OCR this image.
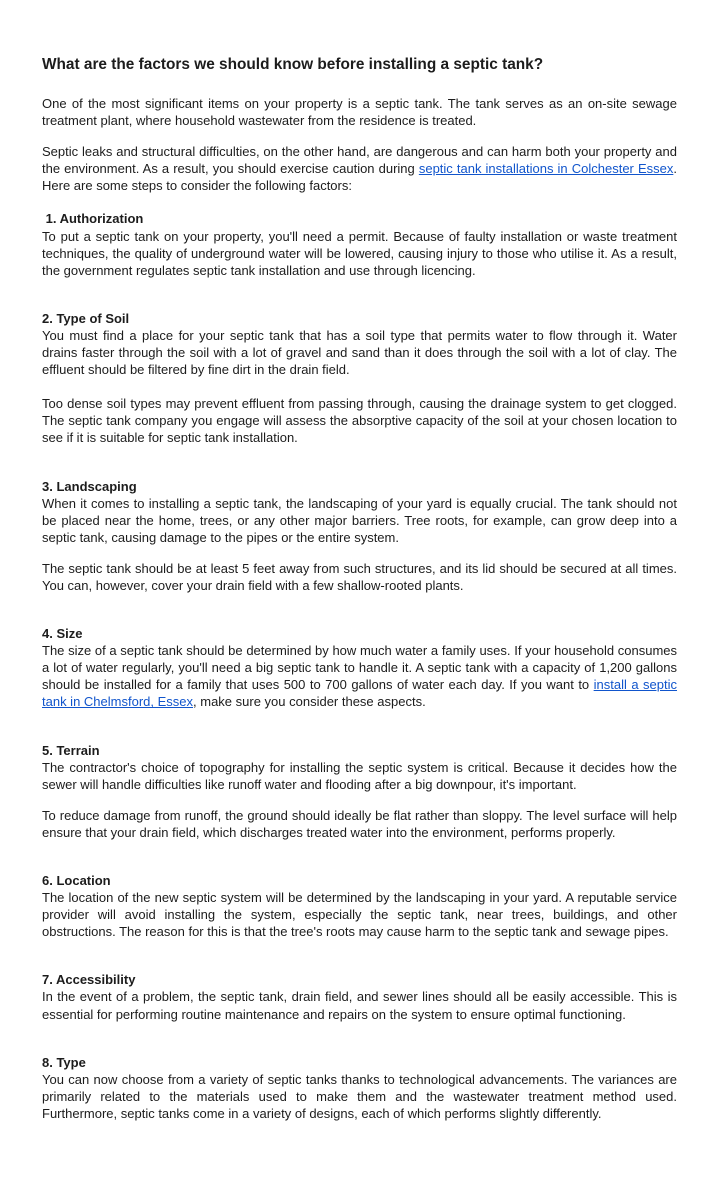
What are the factors we should know before installing a septic tank?

One of the most significant items on your property is a septic tank. The tank serves as an on-site sewage treatment plant, where household wastewater from the residence is treated.

Septic leaks and structural difficulties, on the other hand, are dangerous and can harm both your property and the environment. As a result, you should exercise caution during septic tank installations in Colchester Essex. Here are some steps to consider the following factors:

1. Authorization

To put a septic tank on your property, you'll need a permit. Because of faulty installation or waste treatment techniques, the quality of underground water will be lowered, causing injury to those who utilise it. As a result, the government regulates septic tank installation and use through licencing.

2. Type of Soil

You must find a place for your septic tank that has a soil type that permits water to flow through it. Water drains faster through the soil with a lot of gravel and sand than it does through the soil with a lot of clay. The effluent should be filtered by fine dirt in the drain field.

Too dense soil types may prevent effluent from passing through, causing the drainage system to get clogged. The septic tank company you engage will assess the absorptive capacity of the soil at your chosen location to see if it is suitable for septic tank installation.

3. Landscaping

When it comes to installing a septic tank, the landscaping of your yard is equally crucial. The tank should not be placed near the home, trees, or any other major barriers. Tree roots, for example, can grow deep into a septic tank, causing damage to the pipes or the entire system.

The septic tank should be at least 5 feet away from such structures, and its lid should be secured at all times. You can, however, cover your drain field with a few shallow-rooted plants.

4. Size

The size of a septic tank should be determined by how much water a family uses. If your household consumes a lot of water regularly, you'll need a big septic tank to handle it. A septic tank with a capacity of 1,200 gallons should be installed for a family that uses 500 to 700 gallons of water each day. If you want to install a septic tank in Chelmsford, Essex, make sure you consider these aspects.

5. Terrain

The contractor's choice of topography for installing the septic system is critical. Because it decides how the sewer will handle difficulties like runoff water and flooding after a big downpour, it's important.

To reduce damage from runoff, the ground should ideally be flat rather than sloppy. The level surface will help ensure that your drain field, which discharges treated water into the environment, performs properly.

6. Location

The location of the new septic system will be determined by the landscaping in your yard. A reputable service provider will avoid installing the system, especially the septic tank, near trees, buildings, and other obstructions. The reason for this is that the tree's roots may cause harm to the septic tank and sewage pipes.

7. Accessibility

In the event of a problem, the septic tank, drain field, and sewer lines should all be easily accessible. This is essential for performing routine maintenance and repairs on the system to ensure optimal functioning.

8. Type

You can now choose from a variety of septic tanks thanks to technological advancements. The variances are primarily related to the materials used to make them and the wastewater treatment method used. Furthermore, septic tanks come in a variety of designs, each of which performs slightly differently.
